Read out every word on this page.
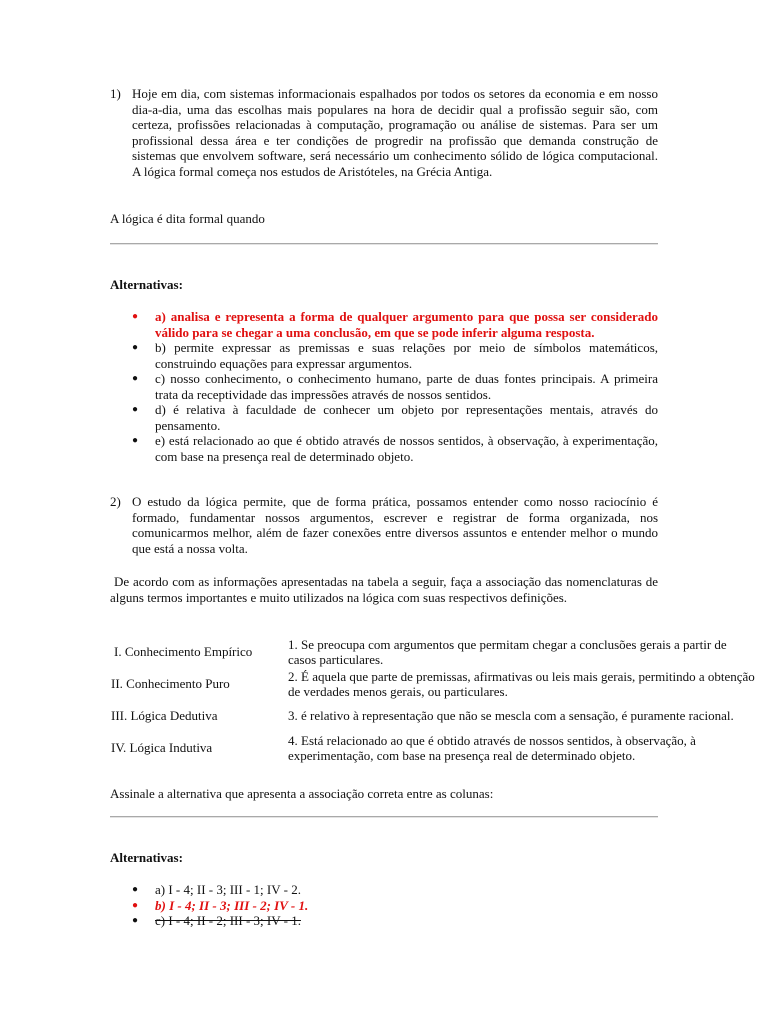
1) Hoje em dia, com sistemas informacionais espalhados por todos os setores da economia e em nosso dia-a-dia, uma das escolhas mais populares na hora de decidir qual a profissão seguir são, com certeza, profissões relacionadas à computação, programação ou análise de sistemas. Para ser um profissional dessa área e ter condições de progredir na profissão que demanda construção de sistemas que envolvem software, será necessário um conhecimento sólido de lógica computacional. A lógica formal começa nos estudos de Aristóteles, na Grécia Antiga.
A lógica é dita formal quando
Alternativas:
● a) analisa e representa a forma de qualquer argumento para que possa ser considerado válido para se chegar a uma conclusão, em que se pode inferir alguma resposta.
● b) permite expressar as premissas e suas relações por meio de símbolos matemáticos, construindo equações para expressar argumentos.
● c) nosso conhecimento, o conhecimento humano, parte de duas fontes principais. A primeira trata da receptividade das impressões através de nossos sentidos.
● d) é relativa à faculdade de conhecer um objeto por representações mentais, através do pensamento.
● e) está relacionado ao que é obtido através de nossos sentidos, à observação, à experimentação, com base na presença real de determinado objeto.
2) O estudo da lógica permite, que de forma prática, possamos entender como nosso raciocínio é formado, fundamentar nossos argumentos, escrever e registrar de forma organizada, nos comunicarmos melhor, além de fazer conexões entre diversos assuntos e entender melhor o mundo que está a nossa volta.
De acordo com as informações apresentadas na tabela a seguir, faça a associação das nomenclaturas de alguns termos importantes e muito utilizados na lógica com suas respectivos definições.
I. Conhecimento Empírico	1. Se preocupa com argumentos que permitam chegar a conclusões gerais a partir de casos particulares.
II. Conhecimento Puro	2. É aquela que parte de premissas, afirmativas ou leis mais gerais, permitindo a obtenção de verdades menos gerais, ou particulares.
III. Lógica Dedutiva	3. é relativo à representação que não se mescla com a sensação, é puramente racional.
IV. Lógica Indutiva	4. Está relacionado ao que é obtido através de nossos sentidos, à observação, à experimentação, com base na presença real de determinado objeto.
Assinale a alternativa que apresenta a associação correta entre as colunas:
Alternativas:
● a) I - 4; II - 3; III - 1; IV - 2.
● b) I - 4; II - 3; III - 2; IV - 1.
● c) I - 4; II - 2; III - 3; IV - 1.
